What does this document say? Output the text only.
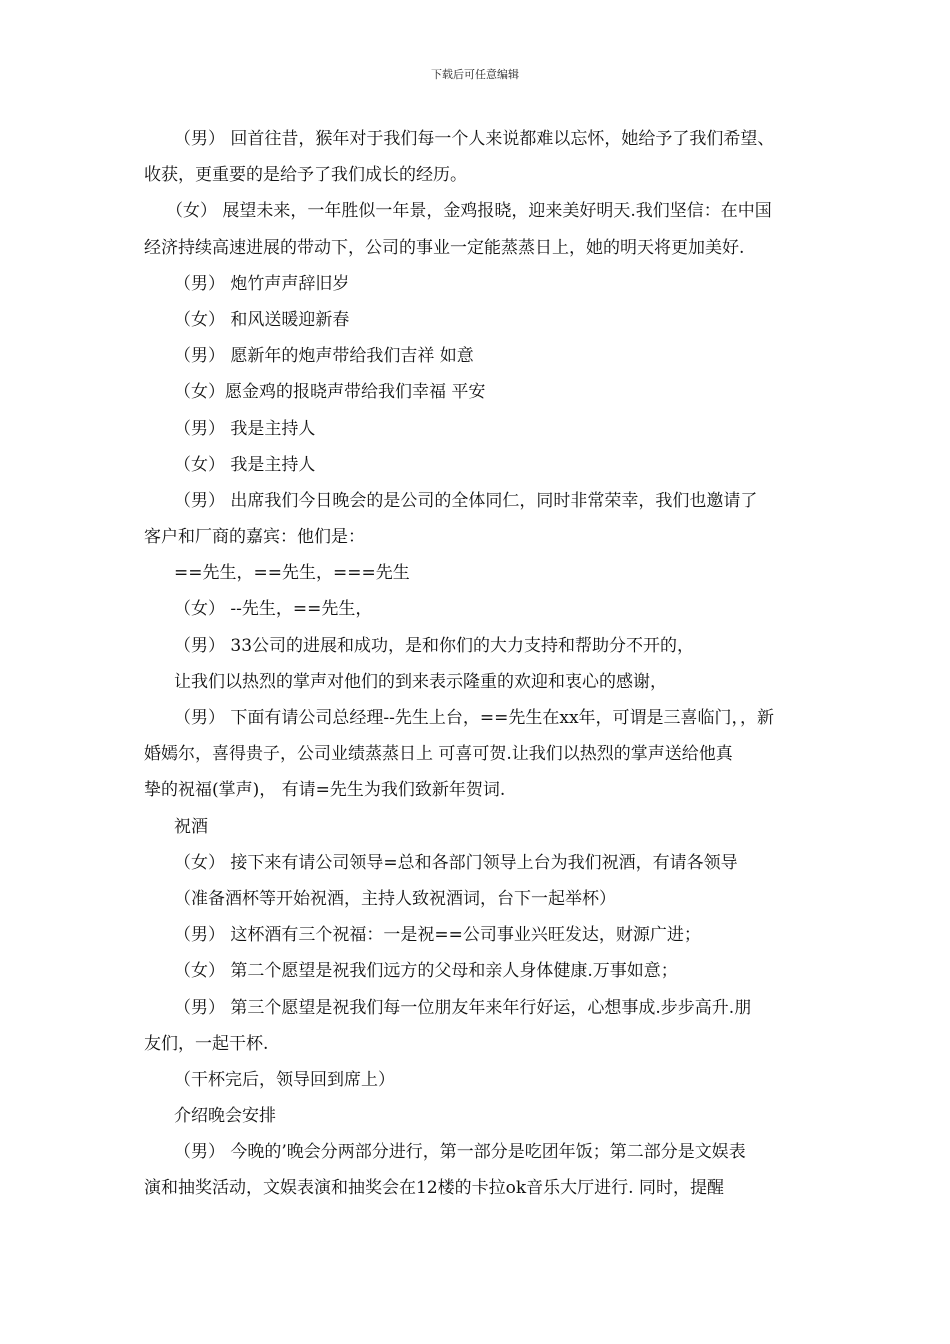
下载后可任意编辑
（男） 回首往昔，猴年对于我们每一个人来说都难以忘怀，她给予了我们希望、
收获，更重要的是给予了我们成长的经历。
（女） 展望未来，一年胜似一年景，金鸡报晓，迎来美好明天.我们坚信：在中国
经济持续高速进展的带动下，公司的事业一定能蒸蒸日上，她的明天将更加美好.
（男） 炮竹声声辞旧岁
（女） 和风送暖迎新春
（男） 愿新年的炮声带给我们吉祥 如意
（女）愿金鸡的报晓声带给我们幸福 平安
（男） 我是主持人
（女） 我是主持人
（男） 出席我们今日晚会的是公司的全体同仁，同时非常荣幸，我们也邀请了
客户和厂商的嘉宾：他们是：
==先生，==先生，===先生
（女） --先生，==先生，
（男） 33公司的进展和成功，是和你们的大力支持和帮助分不开的，
让我们以热烈的掌声对他们的到来表示隆重的欢迎和衷心的感谢，
（男） 下面有请公司总经理--先生上台，==先生在xx年，可谓是三喜临门，，新
婚嫣尔，喜得贵子，公司业绩蒸蒸日上 可喜可贺.让我们以热烈的掌声送给他真
挚的祝福(掌声)， 有请=先生为我们致新年贺词.
祝酒
（女） 接下来有请公司领导=总和各部门领导上台为我们祝酒，有请各领导
（准备酒杯等开始祝酒，主持人致祝酒词，台下一起举杯）
（男） 这杯酒有三个祝福：一是祝==公司事业兴旺发达，财源广进；
（女） 第二个愿望是祝我们远方的父母和亲人身体健康.万事如意；
（男） 第三个愿望是祝我们每一位朋友年来年行好运，心想事成.步步高升.朋
友们，一起干杯.
（干杯完后，领导回到席上）
介绍晚会安排
（男） 今晚的’晚会分两部分进行，第一部分是吃团年饭；第二部分是文娱表
演和抽奖活动，文娱表演和抽奖会在12楼的卡拉ok音乐大厅进行. 同时，提醒
